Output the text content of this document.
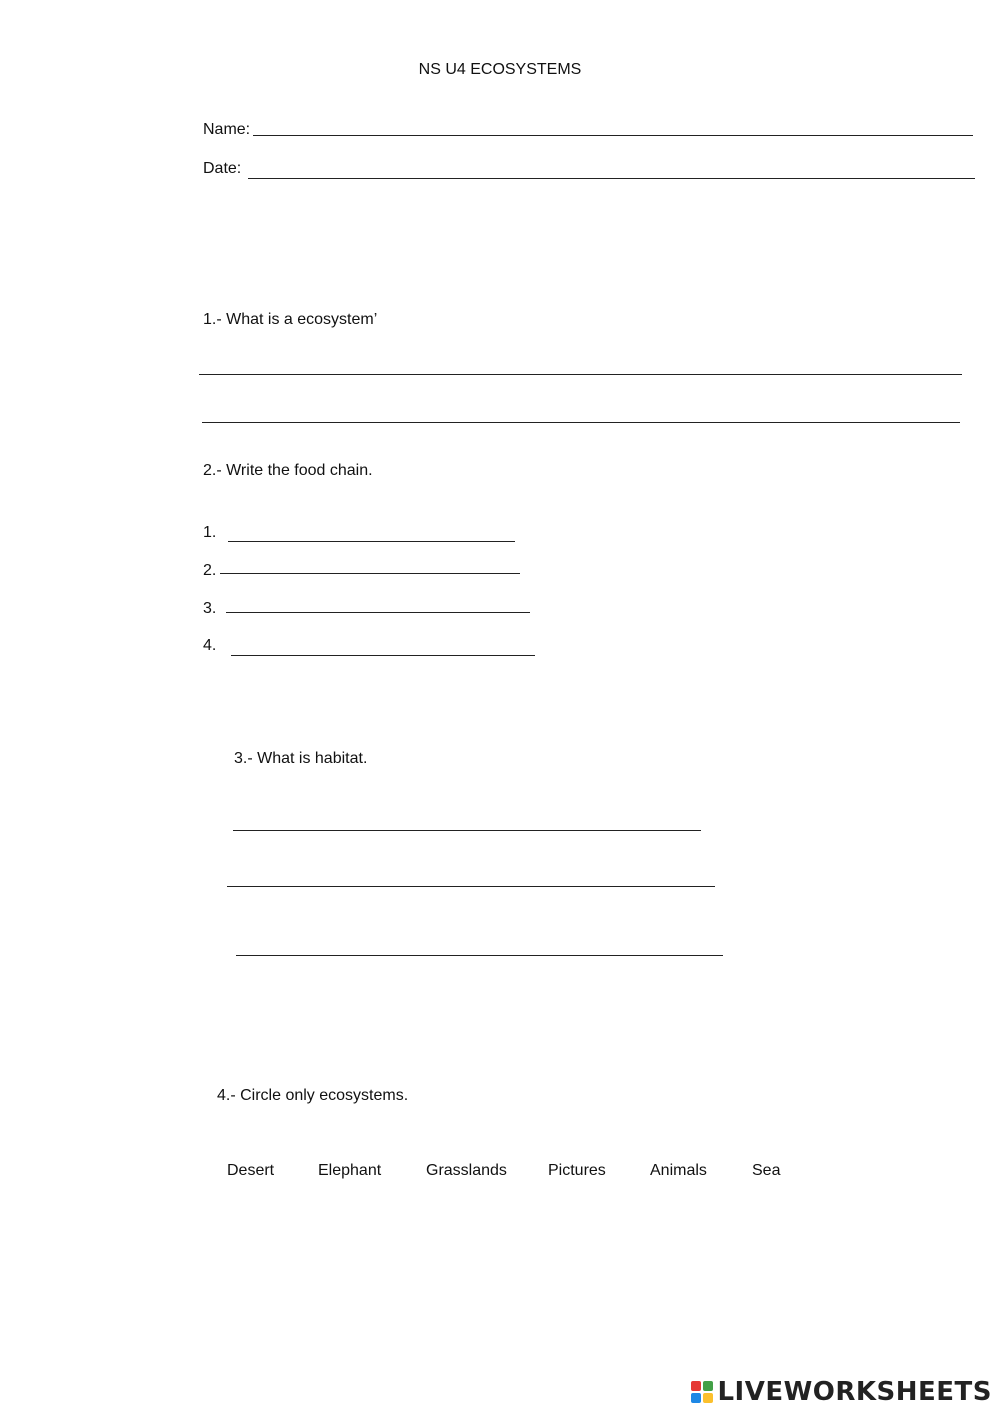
NS U4 ECOSYSTEMS
Name:
Date:
1.- What is a ecosystem’
2.- Write the food chain.
1.
2.
3.
4.
3.- What is habitat.
4.- Circle only ecosystems.
Desert	Elephant	Grasslands	Pictures	Animals	Sea
LIVEWORKSHEETS
